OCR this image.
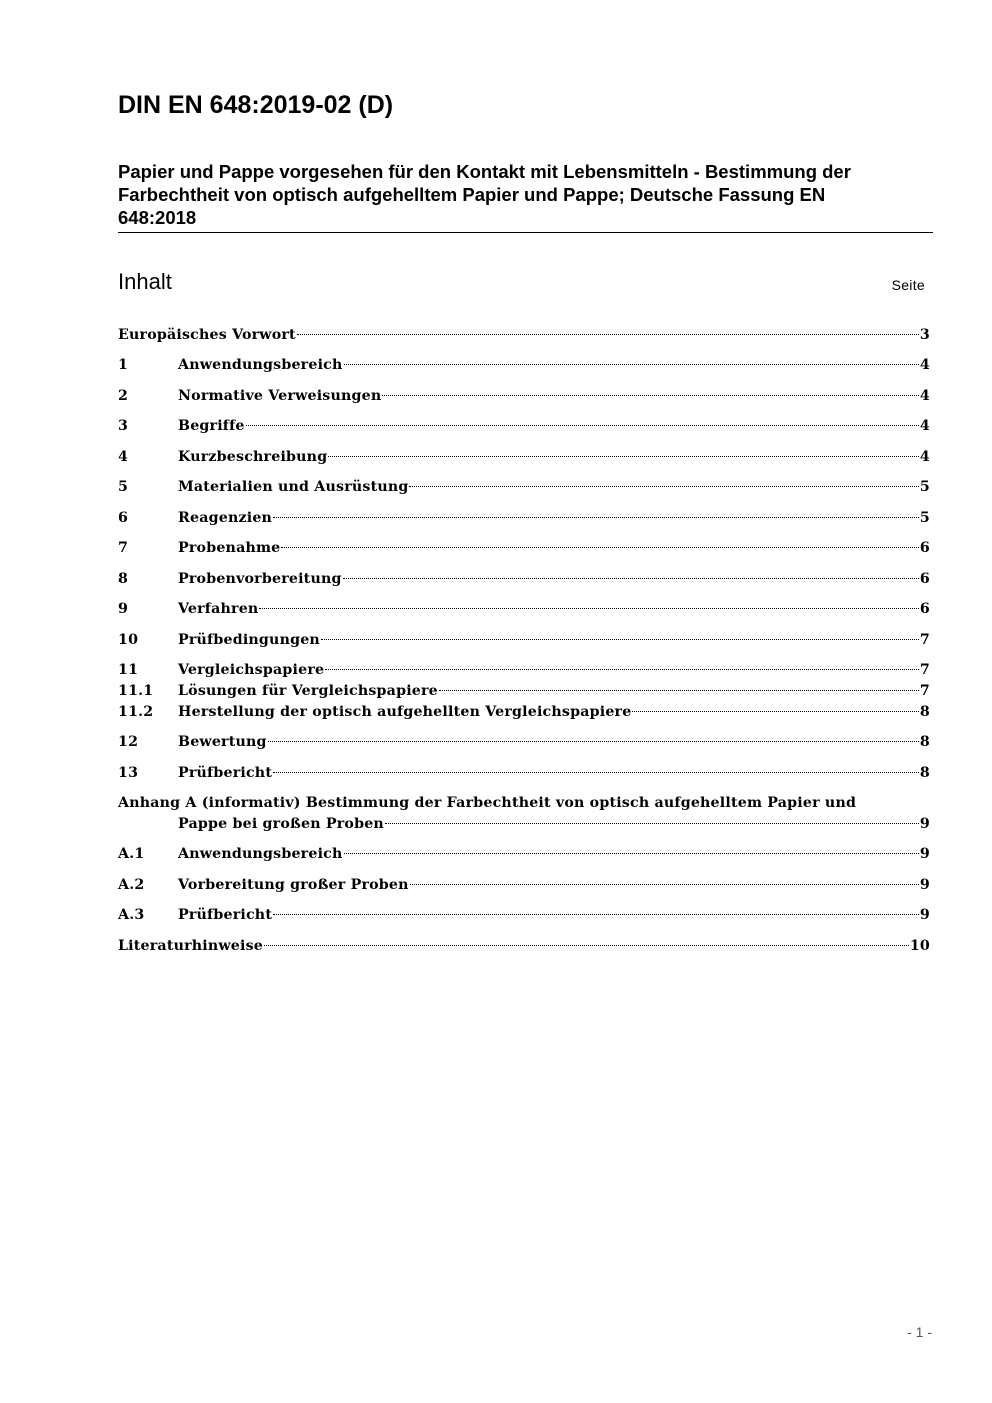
DIN EN 648:2019-02 (D)
Papier und Pappe vorgesehen für den Kontakt mit Lebensmitteln - Bestimmung der
Farbechtheit von optisch aufgehelltem Papier und Pappe; Deutsche Fassung EN
648:2018
Inhalt	Seite
Europäisches Vorwort	3
1	Anwendungsbereich	4
2	Normative Verweisungen	4
3	Begriffe	4
4	Kurzbeschreibung	4
5	Materialien und Ausrüstung	5
6	Reagenzien	5
7	Probenahme	6
8	Probenvorbereitung	6
9	Verfahren	6
10	Prüfbedingungen	7
11	Vergleichspapiere	7
11.1	Lösungen für Vergleichspapiere	7
11.2	Herstellung der optisch aufgehellten Vergleichspapiere	8
12	Bewertung	8
13	Prüfbericht	8
Anhang A (informativ) Bestimmung der Farbechtheit von optisch aufgehelltem Papier und
Pappe bei großen Proben	9
A.1	Anwendungsbereich	9
A.2	Vorbereitung großer Proben	9
A.3	Prüfbericht	9
Literaturhinweise	10
- 1 -
